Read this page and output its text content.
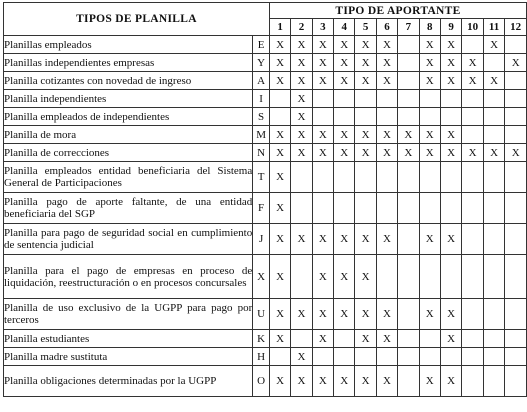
TIPOS DE PLANILLA		TIPO DE APORTANTE											
		1	2	3	4	5	6	7	8	9	10	11	12
Planillas empleados	E	X	X	X	X	X	X		X	X		X	
Planillas independientes empresas	Y	X	X	X	X	X	X		X	X	X		X
Planilla cotizantes con novedad de ingreso	A	X	X	X	X	X	X		X	X	X	X	
Planilla independientes	I		X										
Planilla empleados de independientes	S		X										
Planilla de mora	M	X	X	X	X	X	X	X	X	X			
Planilla de correcciones	N	X	X	X	X	X	X	X	X	X	X	X	X
Planilla empleados entidad beneficiaria del Sistema General de Participaciones	T	X											
Planilla pago de aporte faltante, de una entidad beneficiaria del SGP	F	X											
Planilla para pago de seguridad social en cumplimiento de sentencia judicial	J	X	X	X	X	X	X		X	X			
Planilla para el pago de empresas en proceso de liquidación, reestructuración o en procesos concursales	X	X		X	X	X							
Planilla de uso exclusivo de la UGPP para pago por terceros	U	X	X	X	X	X	X		X	X			
Planilla estudiantes	K	X		X		X	X			X			
Planilla madre sustituta	H		X										
Planilla obligaciones determinadas por la UGPP	O	X	X	X	X	X	X		X	X			
